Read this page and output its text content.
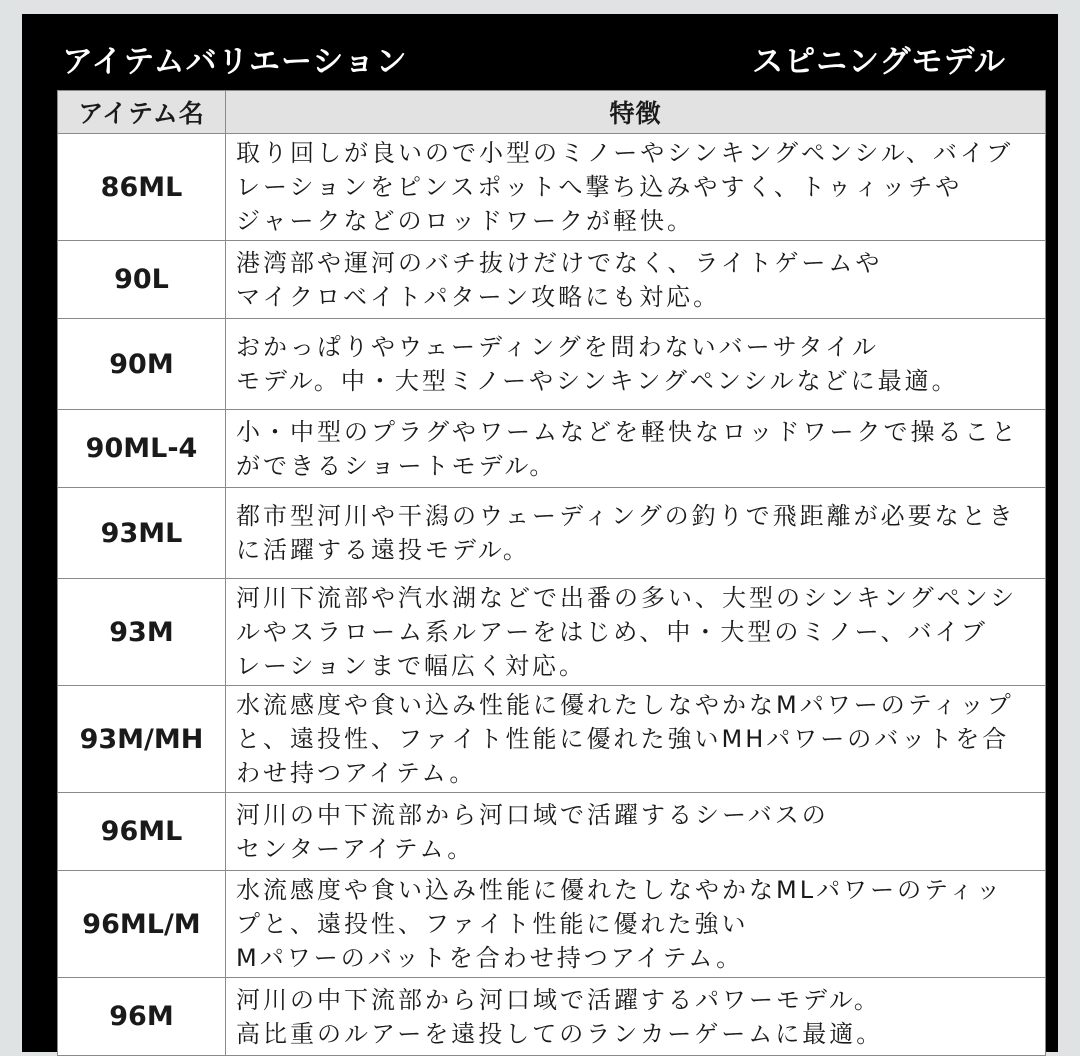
アイテムバリエーション	スピニングモデル
アイテム名	特徴
86ML	取り回しが良いので小型のミノーやシンキングペンシル、バイブ
レーションをピンスポットへ撃ち込みやすく、トゥィッチや
ジャークなどのロッドワークが軽快。

90L	港湾部や運河のバチ抜けだけでなく、ライトゲームや
マイクロベイトパターン攻略にも対応。

90M	おかっぱりやウェーディングを問わないバーサタイル
モデル。中・大型ミノーやシンキングペンシルなどに最適。

90ML-4	小・中型のプラグやワームなどを軽快なロッドワークで操ること
ができるショートモデル。

93ML	都市型河川や干潟のウェーディングの釣りで飛距離が必要なとき
に活躍する遠投モデル。

93M	河川下流部や汽水湖などで出番の多い、大型のシンキングペンシ
ルやスラローム系ルアーをはじめ、中・大型のミノー、バイブ
レーションまで幅広く対応。

93M/MH	水流感度や食い込み性能に優れたしなやかなMパワーのティップ
と、遠投性、ファイト性能に優れた強いMHパワーのバットを合
わせ持つアイテム。

96ML	河川の中下流部から河口域で活躍するシーバスの
センターアイテム。

96ML/M	水流感度や食い込み性能に優れたしなやかなMLパワーのティッ
プと、遠投性、ファイト性能に優れた強い
Mパワーのバットを合わせ持つアイテム。

96M	河川の中下流部から河口域で活躍するパワーモデル。
高比重のルアーを遠投してのランカーゲームに最適。
